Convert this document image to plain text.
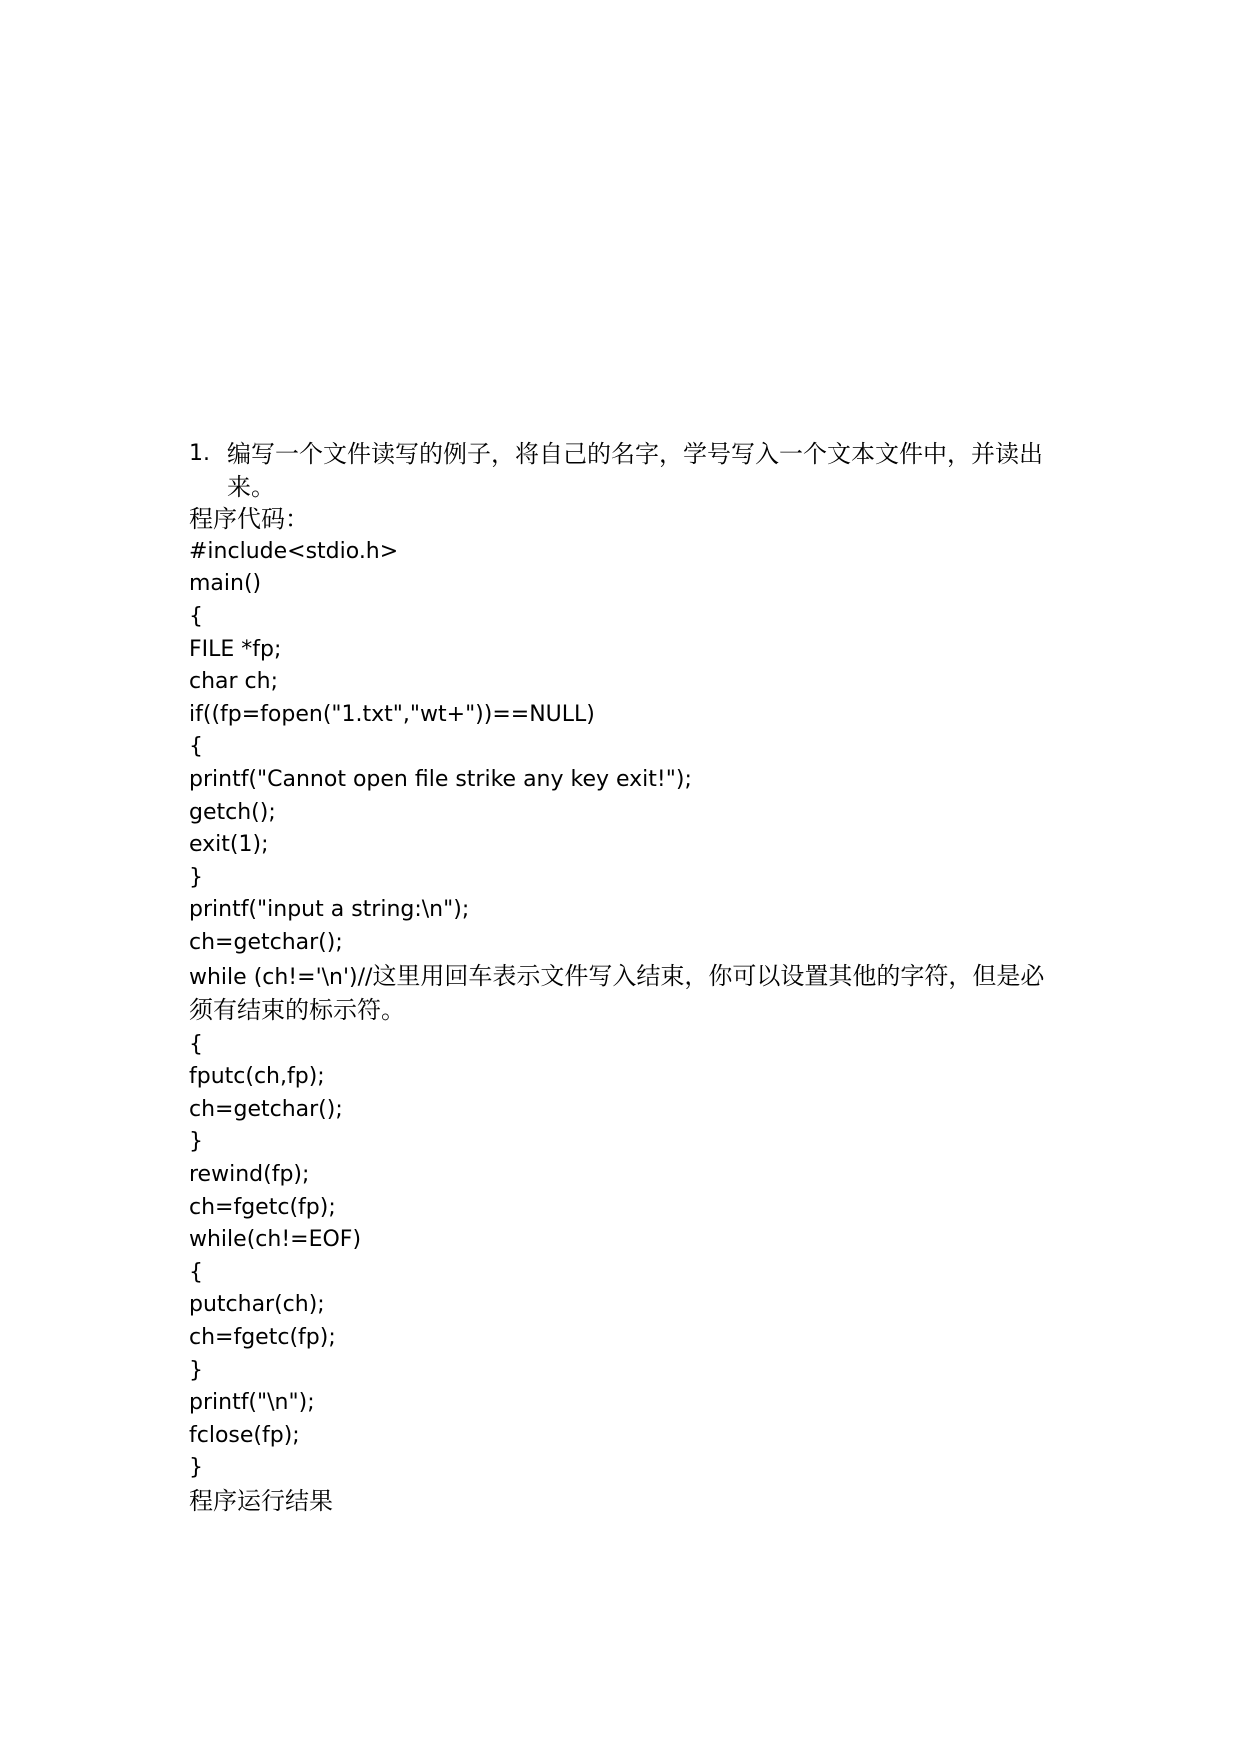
1. 编写一个文件读写的例子，将自己的名字，学号写入一个文本文件中，并读出来。
程序代码：
#include<stdio.h>
main()
{
FILE *fp;
char ch;
if((fp=fopen("1.txt","wt+"))==NULL)
{
printf("Cannot open file strike any key exit!");
getch();
exit(1);
}
printf("input a string:\n");
ch=getchar();
while (ch!='\n')//这里用回车表示文件写入结束，你可以设置其他的字符，但是必须有结束的标示符。
{
fputc(ch,fp);
ch=getchar();
}
rewind(fp);
ch=fgetc(fp);
while(ch!=EOF)
{
putchar(ch);
ch=fgetc(fp);
}
printf("\n");
fclose(fp);
}
程序运行结果
